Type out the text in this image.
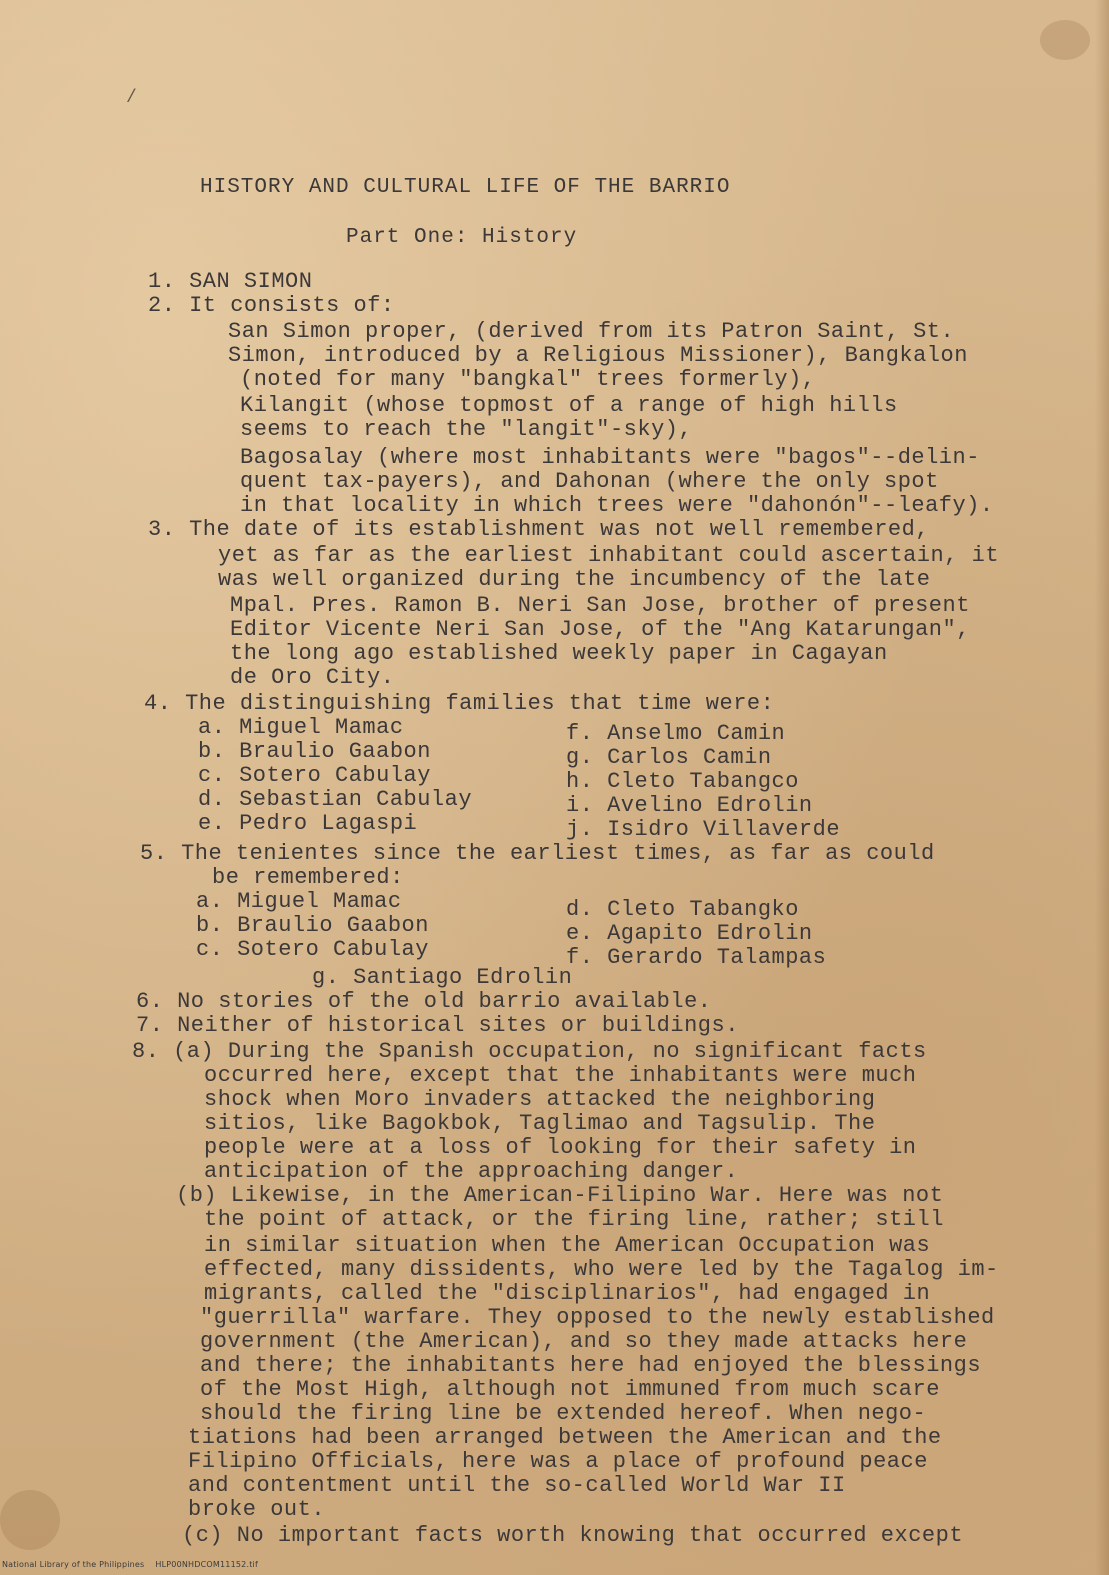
/
HISTORY AND CULTURAL LIFE OF THE BARRIO
Part One: History
1. SAN SIMON
2. It consists of:
San Simon proper, (derived from its Patron Saint, St.
Simon, introduced by a Religious Missioner), Bangkalon
(noted for many "bangkal" trees formerly),
Kilangit (whose topmost of a range of high hills
seems to reach the "langit"-sky),
Bagosalay (where most inhabitants were "bagos"--delin-
quent tax-payers), and Dahonan (where the only spot
in that locality in which trees were "dahonón"--leafy).
3. The date of its establishment was not well remembered,
yet as far as the earliest inhabitant could ascertain, it
was well organized during the incumbency of the late
Mpal. Pres. Ramon B. Neri San Jose, brother of present
Editor Vicente Neri San Jose, of the "Ang Katarungan",
the long ago established weekly paper in Cagayan
de Oro City.
4. The distinguishing families that time were:
a. Miguel Mamac
b. Braulio Gaabon
c. Sotero Cabulay
d. Sebastian Cabulay
e. Pedro Lagaspi
f. Anselmo Camin
g. Carlos Camin
h. Cleto Tabangco
i. Avelino Edrolin
j. Isidro Villaverde
5. The tenientes since the earliest times, as far as could
be remembered:
a. Miguel Mamac
b. Braulio Gaabon
c. Sotero Cabulay
d. Cleto Tabangko
e. Agapito Edrolin
f. Gerardo Talampas
g. Santiago Edrolin
6. No stories of the old barrio available.
7. Neither of historical sites or buildings.
8. (a) During the Spanish occupation, no significant facts
occurred here, except that the inhabitants were much
shock when Moro invaders attacked the neighboring
sitios, like Bagokbok, Taglimao and Tagsulip. The
people were at a loss of looking for their safety in
anticipation of the approaching danger.
(b) Likewise, in the American-Filipino War. Here was not
the point of attack, or the firing line, rather; still
in similar situation when the American Occupation was
effected, many dissidents, who were led by the Tagalog im-
migrants, called the "disciplinarios", had engaged in
"guerrilla" warfare. They opposed to the newly established
government (the American), and so they made attacks here
and there; the inhabitants here had enjoyed the blessings
of the Most High, although not immuned from much scare
should the firing line be extended hereof. When nego-
tiations had been arranged between the American and the
Filipino Officials, here was a place of profound peace
and contentment until the so-called World War II
broke out.
(c) No important facts worth knowing that occurred except
National Library of the Philippines    HLP00NHDCOM11152.tif
